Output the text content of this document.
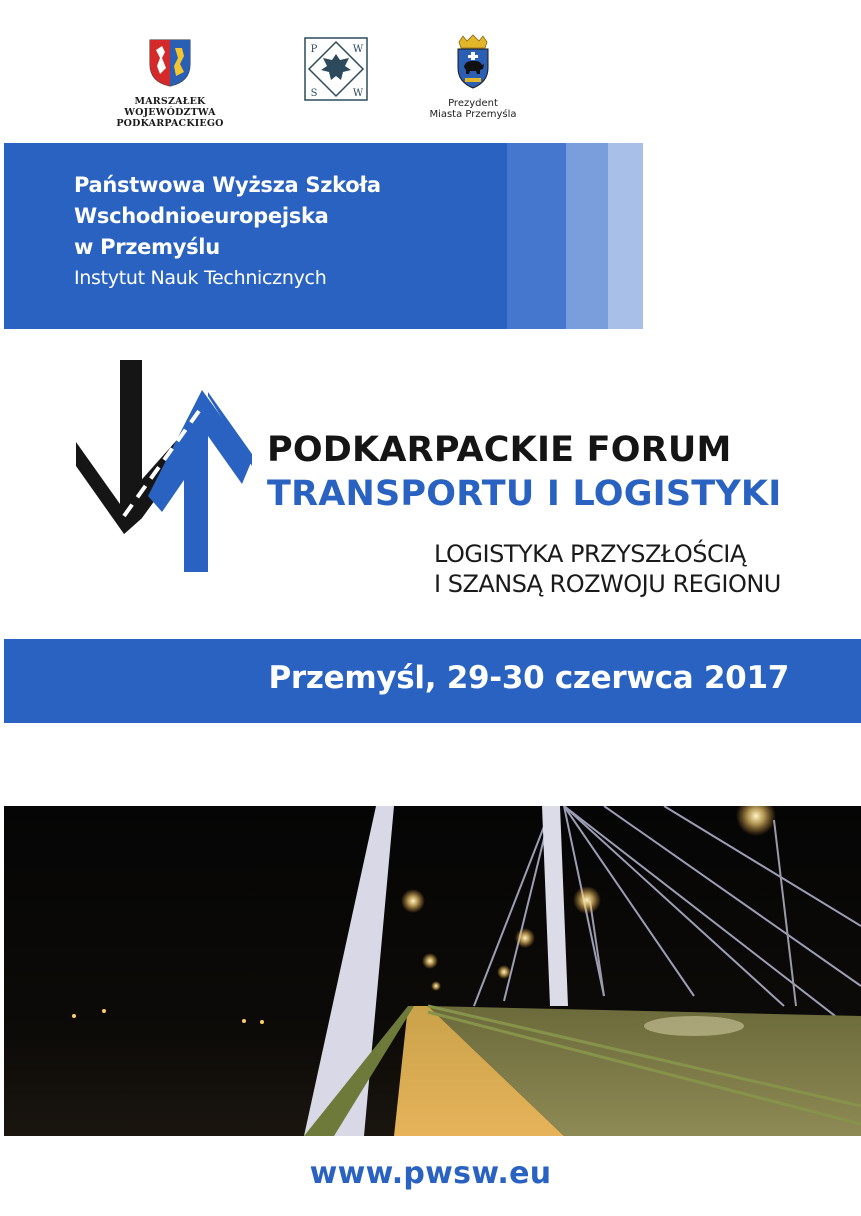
MARSZAŁEK
WOJEWÓDZTWA PODKARPACKIEGO
P	W
S	W
Prezydent
Miasta Przemyśla
Państwowa Wyższa Szkoła
Wschodnioeuropejska
w Przemyślu
Instytut Nauk Technicznych
PODKARPACKIE FORUM
TRANSPORTU I LOGISTYKI
LOGISTYKA PRZYSZŁOŚCIĄ
I SZANSĄ ROZWOJU REGIONU
Przemyśl, 29-30 czerwca 2017
www.pwsw.eu
